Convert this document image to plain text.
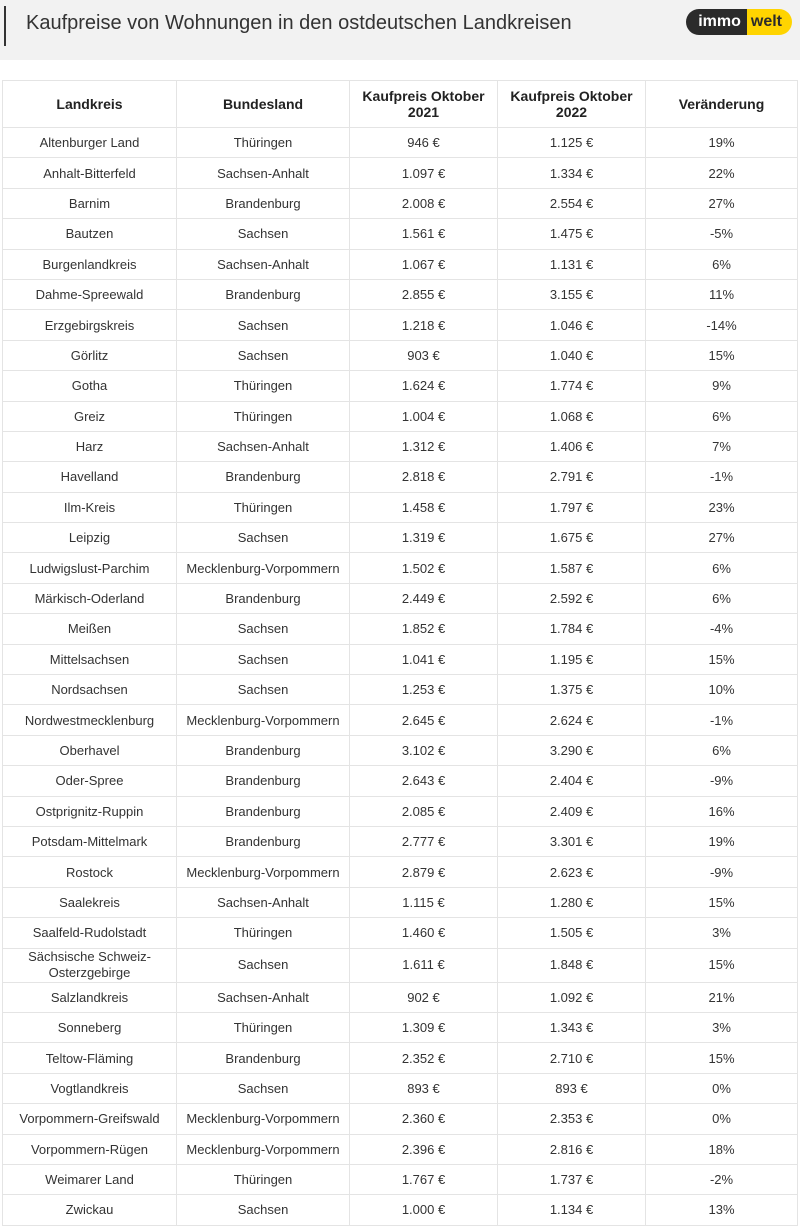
Kaufpreise von Wohnungen in den ostdeutschen Landkreisen	immo welt
Landkreis	Bundesland	Kaufpreis Oktober 2021	Kaufpreis Oktober 2022	Veränderung
Altenburger Land	Thüringen	946 €	1.125 €	19%
Anhalt-Bitterfeld	Sachsen-Anhalt	1.097 €	1.334 €	22%
Barnim	Brandenburg	2.008 €	2.554 €	27%
Bautzen	Sachsen	1.561 €	1.475 €	-5%
Burgenlandkreis	Sachsen-Anhalt	1.067 €	1.131 €	6%
Dahme-Spreewald	Brandenburg	2.855 €	3.155 €	11%
Erzgebirgskreis	Sachsen	1.218 €	1.046 €	-14%
Görlitz	Sachsen	903 €	1.040 €	15%
Gotha	Thüringen	1.624 €	1.774 €	9%
Greiz	Thüringen	1.004 €	1.068 €	6%
Harz	Sachsen-Anhalt	1.312 €	1.406 €	7%
Havelland	Brandenburg	2.818 €	2.791 €	-1%
Ilm-Kreis	Thüringen	1.458 €	1.797 €	23%
Leipzig	Sachsen	1.319 €	1.675 €	27%
Ludwigslust-Parchim	Mecklenburg-Vorpommern	1.502 €	1.587 €	6%
Märkisch-Oderland	Brandenburg	2.449 €	2.592 €	6%
Meißen	Sachsen	1.852 €	1.784 €	-4%
Mittelsachsen	Sachsen	1.041 €	1.195 €	15%
Nordsachsen	Sachsen	1.253 €	1.375 €	10%
Nordwestmecklenburg	Mecklenburg-Vorpommern	2.645 €	2.624 €	-1%
Oberhavel	Brandenburg	3.102 €	3.290 €	6%
Oder-Spree	Brandenburg	2.643 €	2.404 €	-9%
Ostprignitz-Ruppin	Brandenburg	2.085 €	2.409 €	16%
Potsdam-Mittelmark	Brandenburg	2.777 €	3.301 €	19%
Rostock	Mecklenburg-Vorpommern	2.879 €	2.623 €	-9%
Saalekreis	Sachsen-Anhalt	1.115 €	1.280 €	15%
Saalfeld-Rudolstadt	Thüringen	1.460 €	1.505 €	3%
Sächsische Schweiz-Osterzgebirge	Sachsen	1.611 €	1.848 €	15%
Salzlandkreis	Sachsen-Anhalt	902 €	1.092 €	21%
Sonneberg	Thüringen	1.309 €	1.343 €	3%
Teltow-Fläming	Brandenburg	2.352 €	2.710 €	15%
Vogtlandkreis	Sachsen	893 €	893 €	0%
Vorpommern-Greifswald	Mecklenburg-Vorpommern	2.360 €	2.353 €	0%
Vorpommern-Rügen	Mecklenburg-Vorpommern	2.396 €	2.816 €	18%
Weimarer Land	Thüringen	1.767 €	1.737 €	-2%
Zwickau	Sachsen	1.000 €	1.134 €	13%
